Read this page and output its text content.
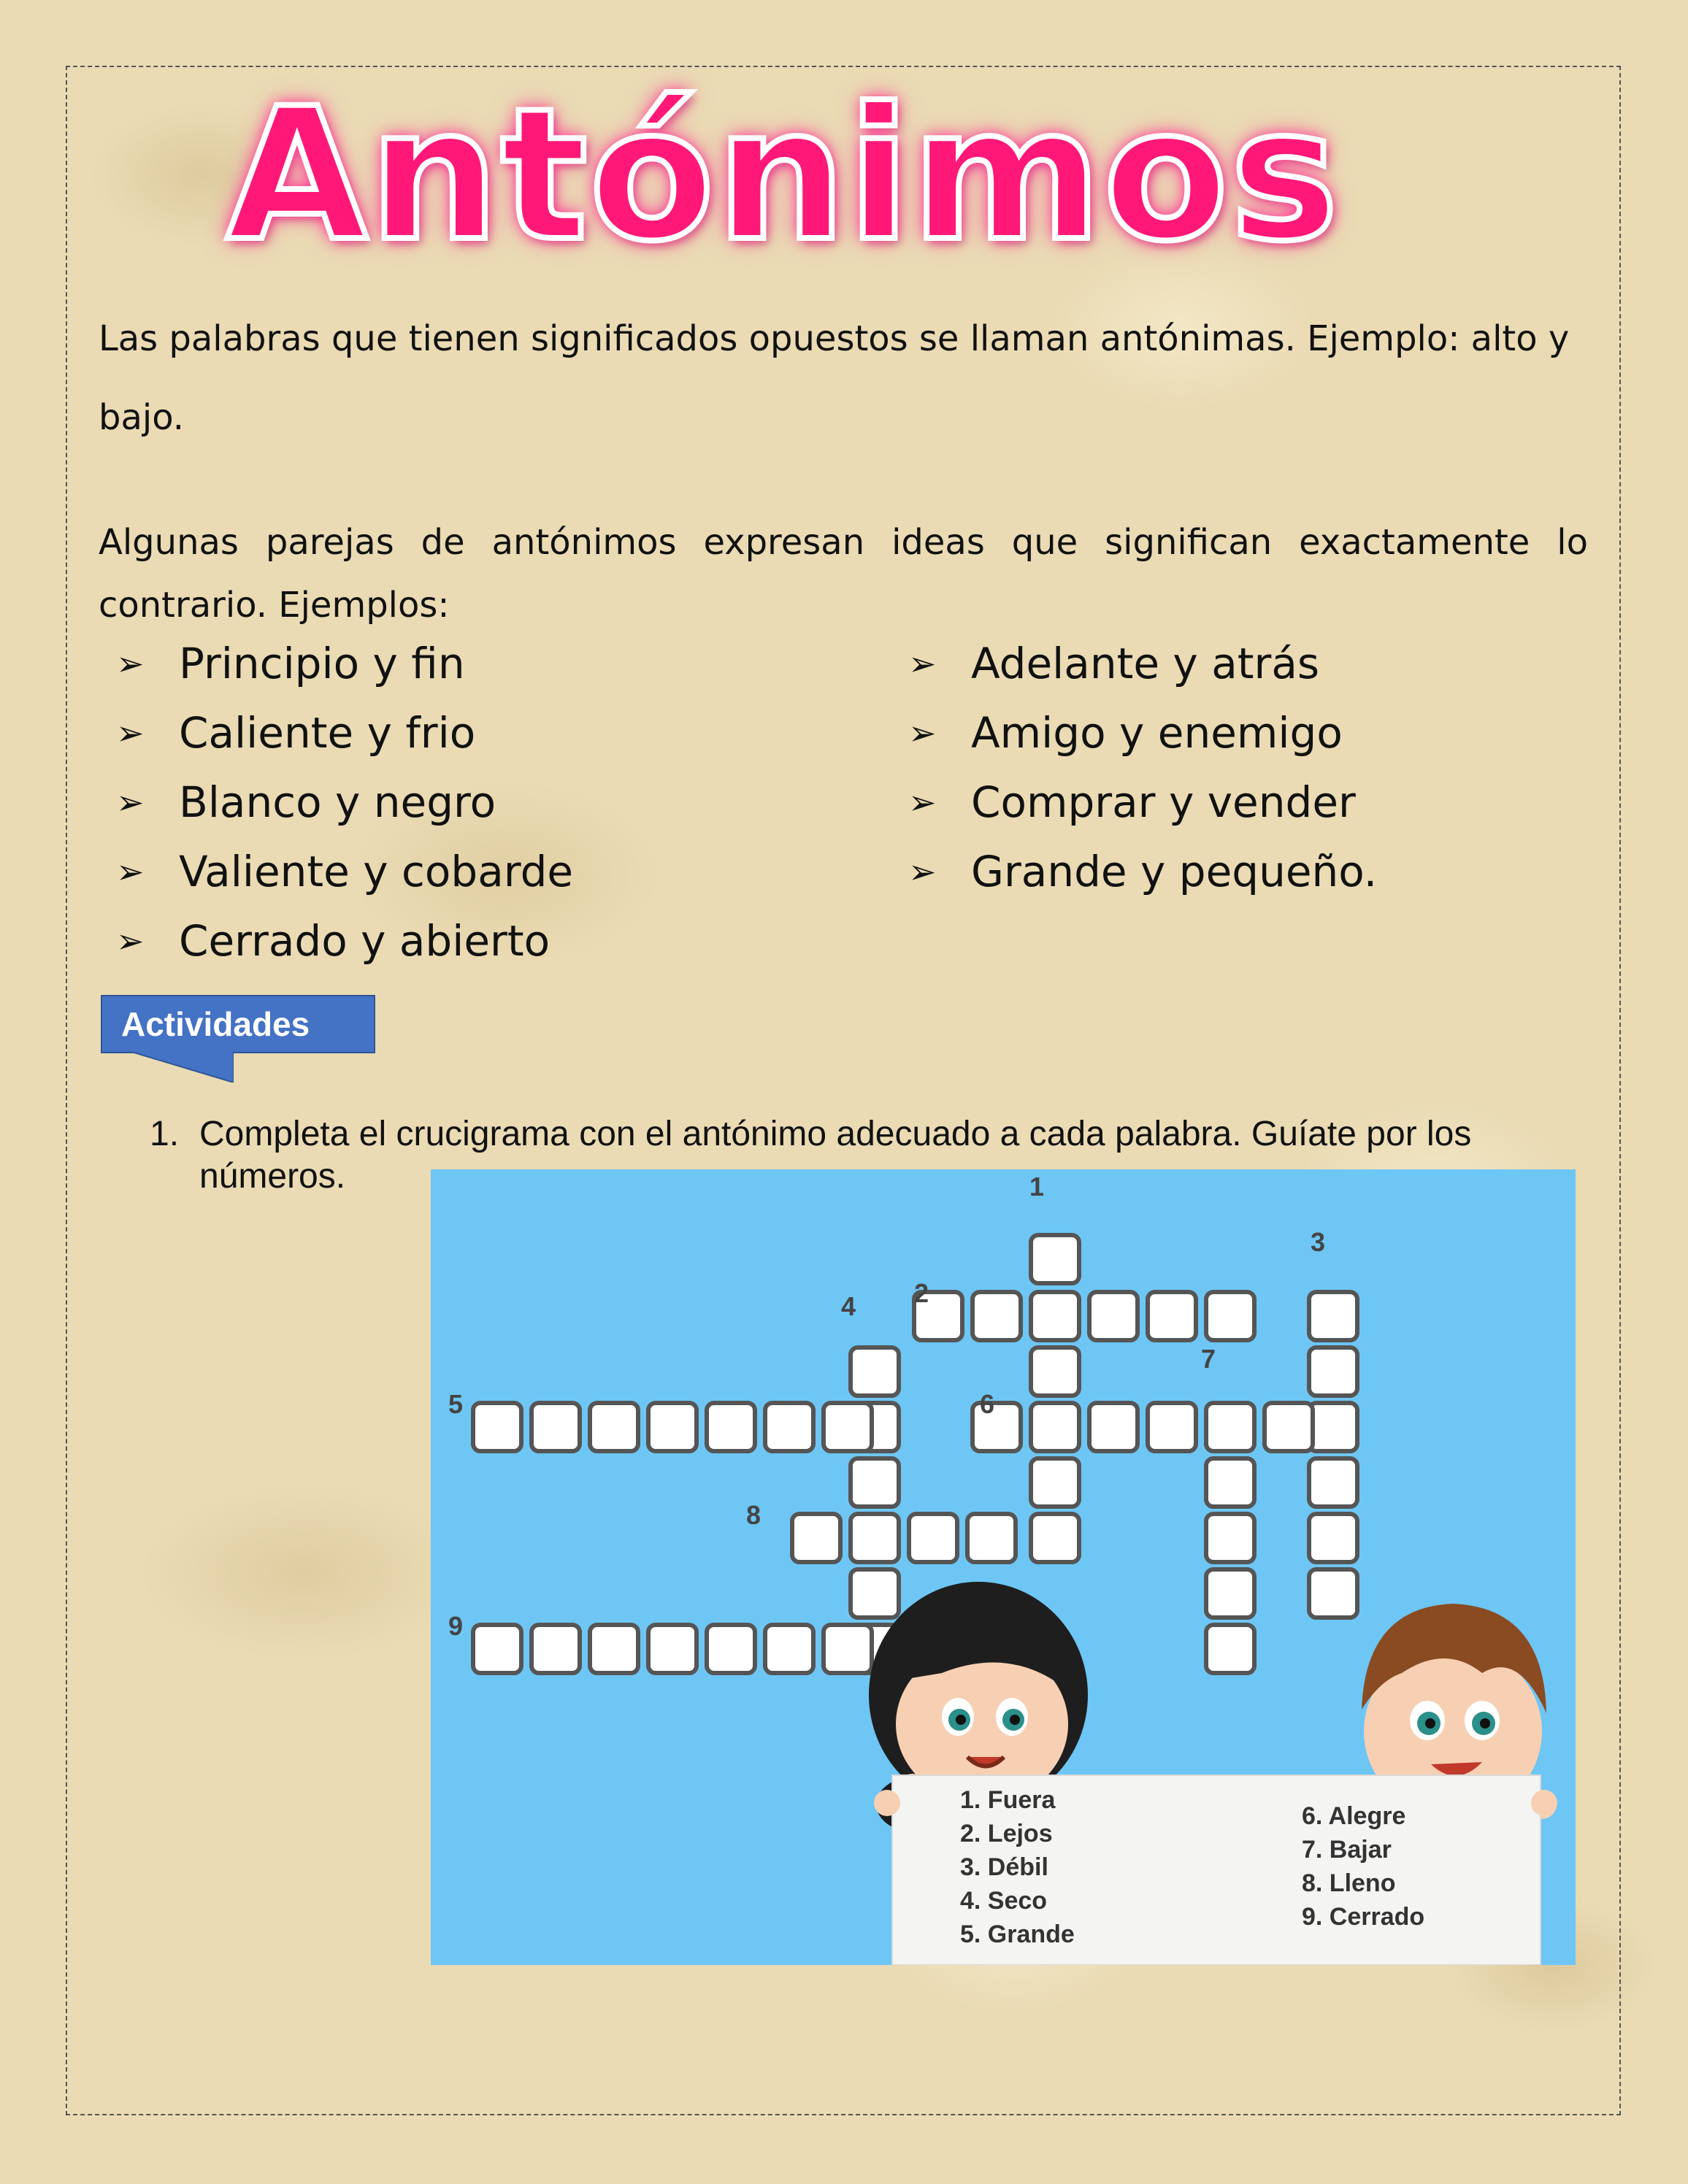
Antónimos
Las palabras que tienen significados opuestos se llaman antónimas. Ejemplo: alto y bajo.
Algunas parejas de antónimos expresan ideas que significan exactamente lo contrario. Ejemplos:
➢ Principio y fin
➢ Caliente y frio
➢ Blanco y negro
➢ Valiente y cobarde
➢ Cerrado y abierto
➢ Adelante y atrás
➢ Amigo y enemigo
➢ Comprar y vender
➢ Grande y pequeño.
Actividades
1. Completa el crucigrama con el antónimo adecuado a cada palabra. Guíate por los números.	1
2
3
4
5	6
7
8
9
1. Fuera
2. Lejos
3. Débil
4. Seco
5. Grande
6. Alegre
7. Bajar
8. Lleno
9. Cerrado
